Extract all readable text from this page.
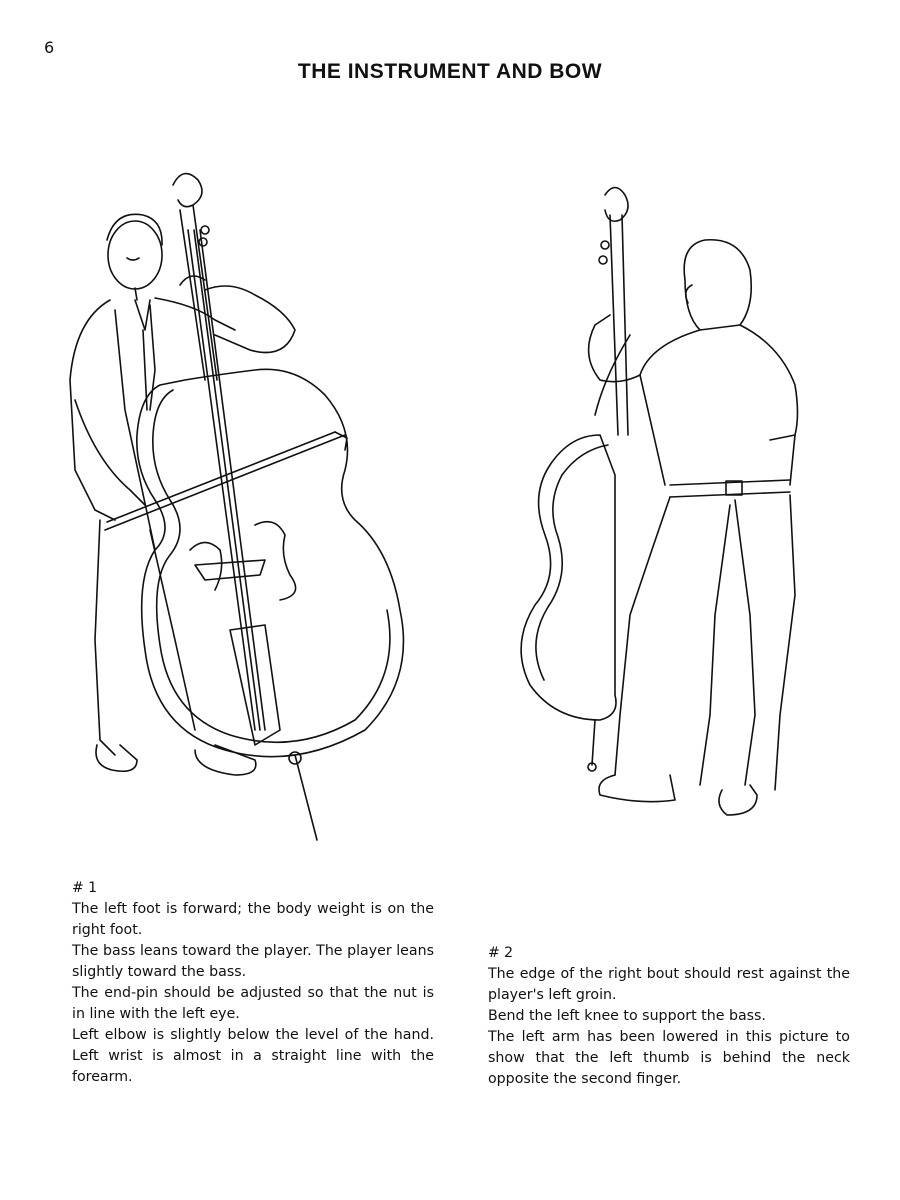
6
THE INSTRUMENT AND BOW
# 1

The left foot is forward; the body weight is on the right foot.

The bass leans toward the player. The player leans slightly toward the bass.

The end-pin should be adjusted so that the nut is in line with the left eye.

Left elbow is slightly below the level of the hand. Left wrist is almost in a straight line with the forearm.

# 2

The edge of the right bout should rest against the player's left groin.

Bend the left knee to support the bass.

The left arm has been lowered in this picture to show that the left thumb is behind the neck opposite the second finger.
